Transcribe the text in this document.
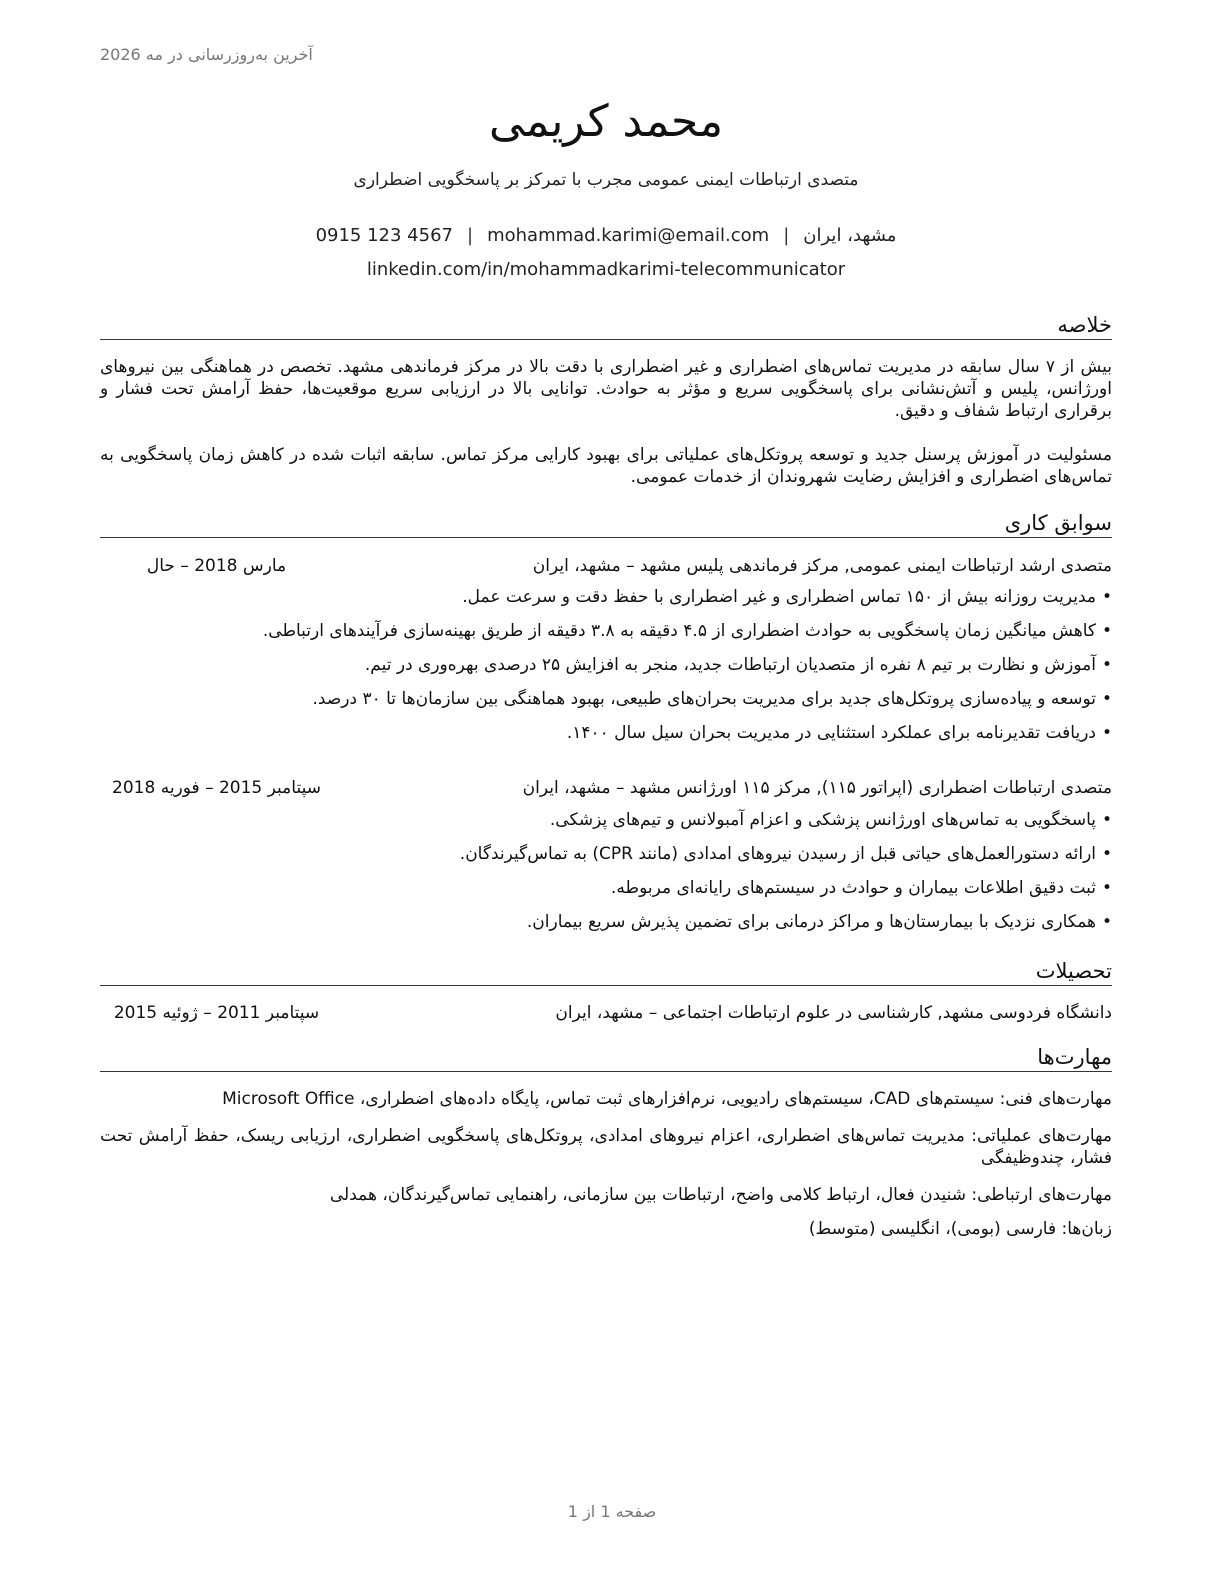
آخرین به‌روزرسانی در مه 2026
محمد کریمی
متصدی ارتباطات ایمنی عمومی مجرب با تمرکز بر پاسخگویی اضطراری
مشهد، ایران|mohammad.karimi@email.com|0915 123 4567
linkedin.com/in/mohammadkarimi-telecommunicator
خلاصه

بیش از ۷ سال سابقه در مدیریت تماس‌های اضطراری و غیر اضطراری با دقت بالا در مرکز فرماندهی مشهد. تخصص در هماهنگی بین نیروهای اورژانس، پلیس و آتش‌نشانی برای پاسخگویی سریع و مؤثر به حوادث. توانایی بالا در ارزیابی سریع موقعیت‌ها، حفظ آرامش تحت فشار و برقراری ارتباط شفاف و دقیق.

مسئولیت در آموزش پرسنل جدید و توسعه پروتکل‌های عملیاتی برای بهبود کارایی مرکز تماس. سابقه اثبات شده در کاهش زمان پاسخگویی به تماس‌های اضطراری و افزایش رضایت شهروندان از خدمات عمومی.

سوابق کاری
متصدی ارشد ارتباطات ایمنی عمومی, مرکز فرماندهی پلیس مشهد – مشهد، ایران
مارس 2018 – حال
• مدیریت روزانه بیش از ۱۵۰ تماس اضطراری و غیر اضطراری با حفظ دقت و سرعت عمل.
• کاهش میانگین زمان پاسخگویی به حوادث اضطراری از ۴.۵ دقیقه به ۳.۸ دقیقه از طریق بهینه‌سازی فرآیندهای ارتباطی.
• آموزش و نظارت بر تیم ۸ نفره از متصدیان ارتباطات جدید، منجر به افزایش ۲۵ درصدی بهره‌وری در تیم.
• توسعه و پیاده‌سازی پروتکل‌های جدید برای مدیریت بحران‌های طبیعی، بهبود هماهنگی بین سازمان‌ها تا ۳۰ درصد.
• دریافت تقدیرنامه برای عملکرد استثنایی در مدیریت بحران سیل سال ۱۴۰۰.
متصدی ارتباطات اضطراری (اپراتور ۱۱۵), مرکز ۱۱۵ اورژانس مشهد – مشهد، ایران
سپتامبر 2015 – فوریه 2018
• پاسخگویی به تماس‌های اورژانس پزشکی و اعزام آمبولانس و تیم‌های پزشکی.
• ارائه دستورالعمل‌های حیاتی قبل از رسیدن نیروهای امدادی (مانند CPR) به تماس‌گیرندگان.
• ثبت دقیق اطلاعات بیماران و حوادث در سیستم‌های رایانه‌ای مربوطه.
• همکاری نزدیک با بیمارستان‌ها و مراکز درمانی برای تضمین پذیرش سریع بیماران.
تحصیلات
دانشگاه فردوسی مشهد, کارشناسی در علوم ارتباطات اجتماعی – مشهد، ایران
سپتامبر 2011 – ژوئیه 2015
مهارت‌ها

مهارت‌های فنی: سیستم‌های CAD، سیستم‌های رادیویی، نرم‌افزارهای ثبت تماس، پایگاه داده‌های اضطراری، Microsoft Office

مهارت‌های عملیاتی: مدیریت تماس‌های اضطراری، اعزام نیروهای امدادی، پروتکل‌های پاسخگویی اضطراری، ارزیابی ریسک، حفظ آرامش تحت فشار، چندوظیفگی

مهارت‌های ارتباطی: شنیدن فعال، ارتباط کلامی واضح، ارتباطات بین سازمانی، راهنمایی تماس‌گیرندگان، همدلی

زبان‌ها: فارسی (بومی)، انگلیسی (متوسط)

صفحه 1 از 1
